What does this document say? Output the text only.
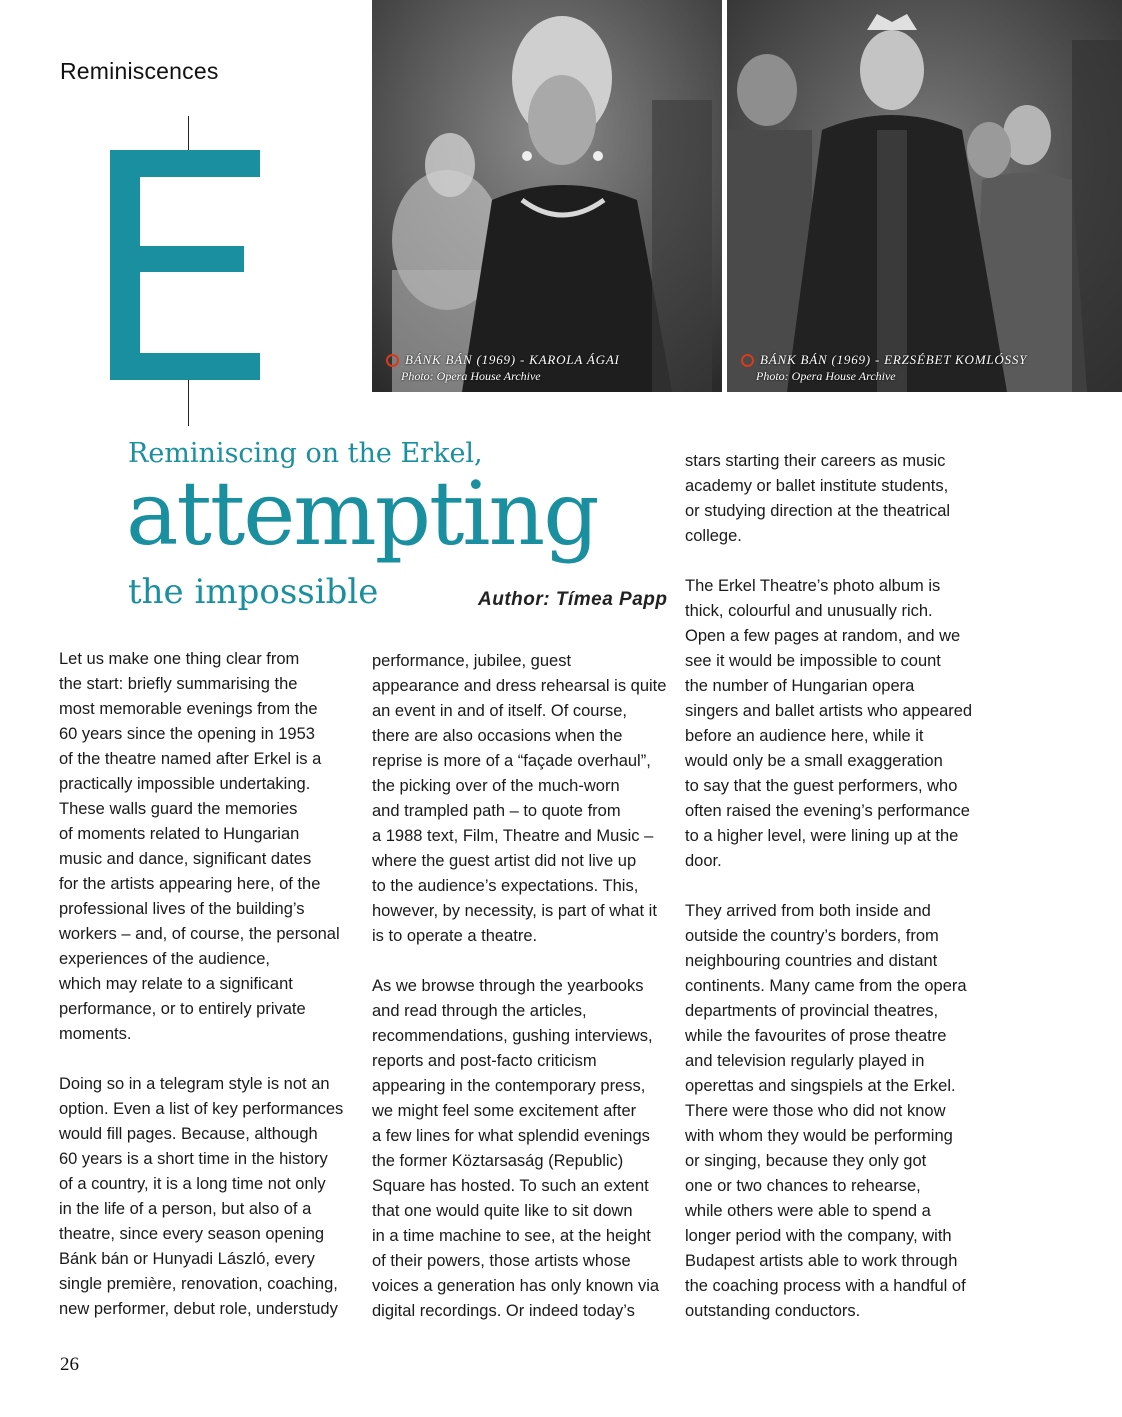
Reminiscences
BÁNK BÁN (1969) - KAROLA ÁGAI
Photo: Opera House Archive
BÁNK BÁN (1969) - ERZSÉBET KOMLÓSSY
Photo: Opera House Archive
Reminiscing on the Erkel,
attempting
the impossible	Author: Tímea Papp
Let us make one thing clear from
the start: briefly summarising the
most memorable evenings from the
60 years since the opening in 1953
of the theatre named after Erkel is a
practically impossible undertaking.
These walls guard the memories
of moments related to Hungarian
music and dance, significant dates
for the artists appearing here, of the
professional lives of the building’s
workers – and, of course, the personal
experiences of the audience,
which may relate to a significant
performance, or to entirely private
moments.
Doing so in a telegram style is not an
option. Even a list of key performances
would fill pages. Because, although
60 years is a short time in the history
of a country, it is a long time not only
in the life of a person, but also of a
theatre, since every season opening
Bánk bán or Hunyadi László, every
single première, renovation, coaching,
new performer, debut role, understudy
performance, jubilee, guest
appearance and dress rehearsal is quite
an event in and of itself. Of course,
there are also occasions when the
reprise is more of a “façade overhaul”,
the picking over of the much-worn
and trampled path – to quote from
a 1988 text, Film, Theatre and Music –
where the guest artist did not live up
to the audience’s expectations. This,
however, by necessity, is part of what it
is to operate a theatre.
As we browse through the yearbooks
and read through the articles,
recommendations, gushing interviews,
reports and post-facto criticism
appearing in the contemporary press,
we might feel some excitement after
a few lines for what splendid evenings
the former Köztarsaság (Republic)
Square has hosted. To such an extent
that one would quite like to sit down
in a time machine to see, at the height
of their powers, those artists whose
voices a generation has only known via
digital recordings. Or indeed today’s
stars starting their careers as music
academy or ballet institute students,
or studying direction at the theatrical
college.
The Erkel Theatre’s photo album is
thick, colourful and unusually rich.
Open a few pages at random, and we
see it would be impossible to count
the number of Hungarian opera
singers and ballet artists who appeared
before an audience here, while it
would only be a small exaggeration
to say that the guest performers, who
often raised the evening’s performance
to a higher level, were lining up at the
door.
They arrived from both inside and
outside the country’s borders, from
neighbouring countries and distant
continents. Many came from the opera
departments of provincial theatres,
while the favourites of prose theatre
and television regularly played in
operettas and singspiels at the Erkel.
There were those who did not know
with whom they would be performing
or singing, because they only got
one or two chances to rehearse,
while others were able to spend a
longer period with the company, with
Budapest artists able to work through
the coaching process with a handful of
outstanding conductors.
26
